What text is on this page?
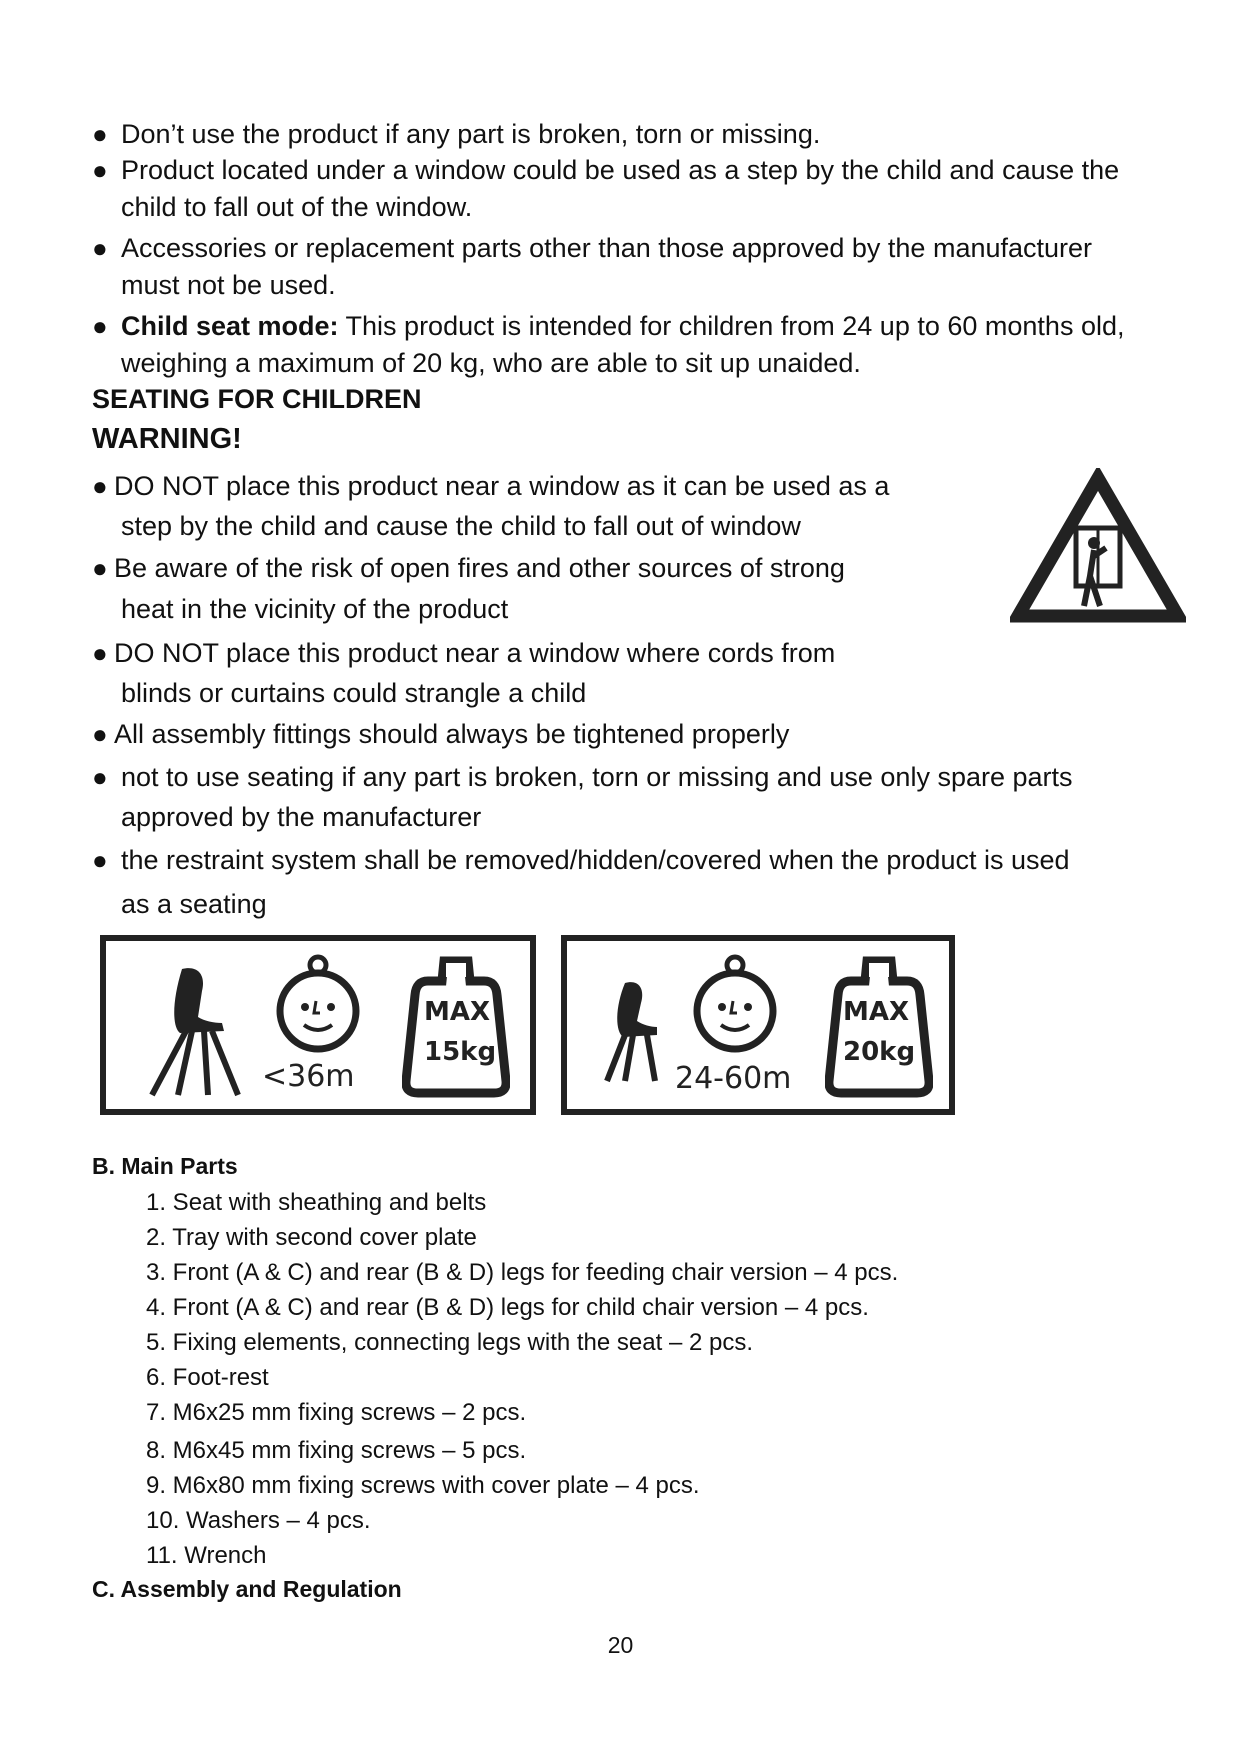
● Don’t use the product if any part is broken, torn or missing.
● Product located under a window could be used as a step by the child and cause the child to fall out of the window.
● Accessories or replacement parts other than those approved by the manufacturer must not be used.
● Child seat mode: This product is intended for children from 24 up to 60 months old, weighing a maximum of 20 kg, who are able to sit up unaided.
SEATING FOR CHILDREN
WARNING!
● DO NOT place this product near a window as it can be used as a
step by the child and cause the child to fall out of window
● Be aware of the risk of open fires and other sources of strong
heat in the vicinity of the product
● DO NOT place this product near a window where cords from
blinds or curtains could strangle a child
● All assembly fittings should always be tightened properly
● not to use seating if any part is broken, torn or missing and use only spare parts
approved by the manufacturer
● the restraint system shall be removed/hidden/covered when the product is used
as a seating
<36m
MAX
15kg
24-60m
MAX
20kg
B. Main Parts
1. Seat with sheathing and belts
2. Tray with second cover plate
3. Front (A & C) and rear (B & D) legs for feeding chair version – 4 pcs.
4. Front (A & C) and rear (B & D) legs for child chair version – 4 pcs.
5. Fixing elements, connecting legs with the seat – 2 pcs.
6. Foot-rest
7. M6x25 mm fixing screws – 2 pcs.
8. M6x45 mm fixing screws – 5 pcs.
9. M6x80 mm fixing screws with cover plate – 4 pcs.
10. Washers – 4 pcs.
11. Wrench
C. Assembly and Regulation
20
